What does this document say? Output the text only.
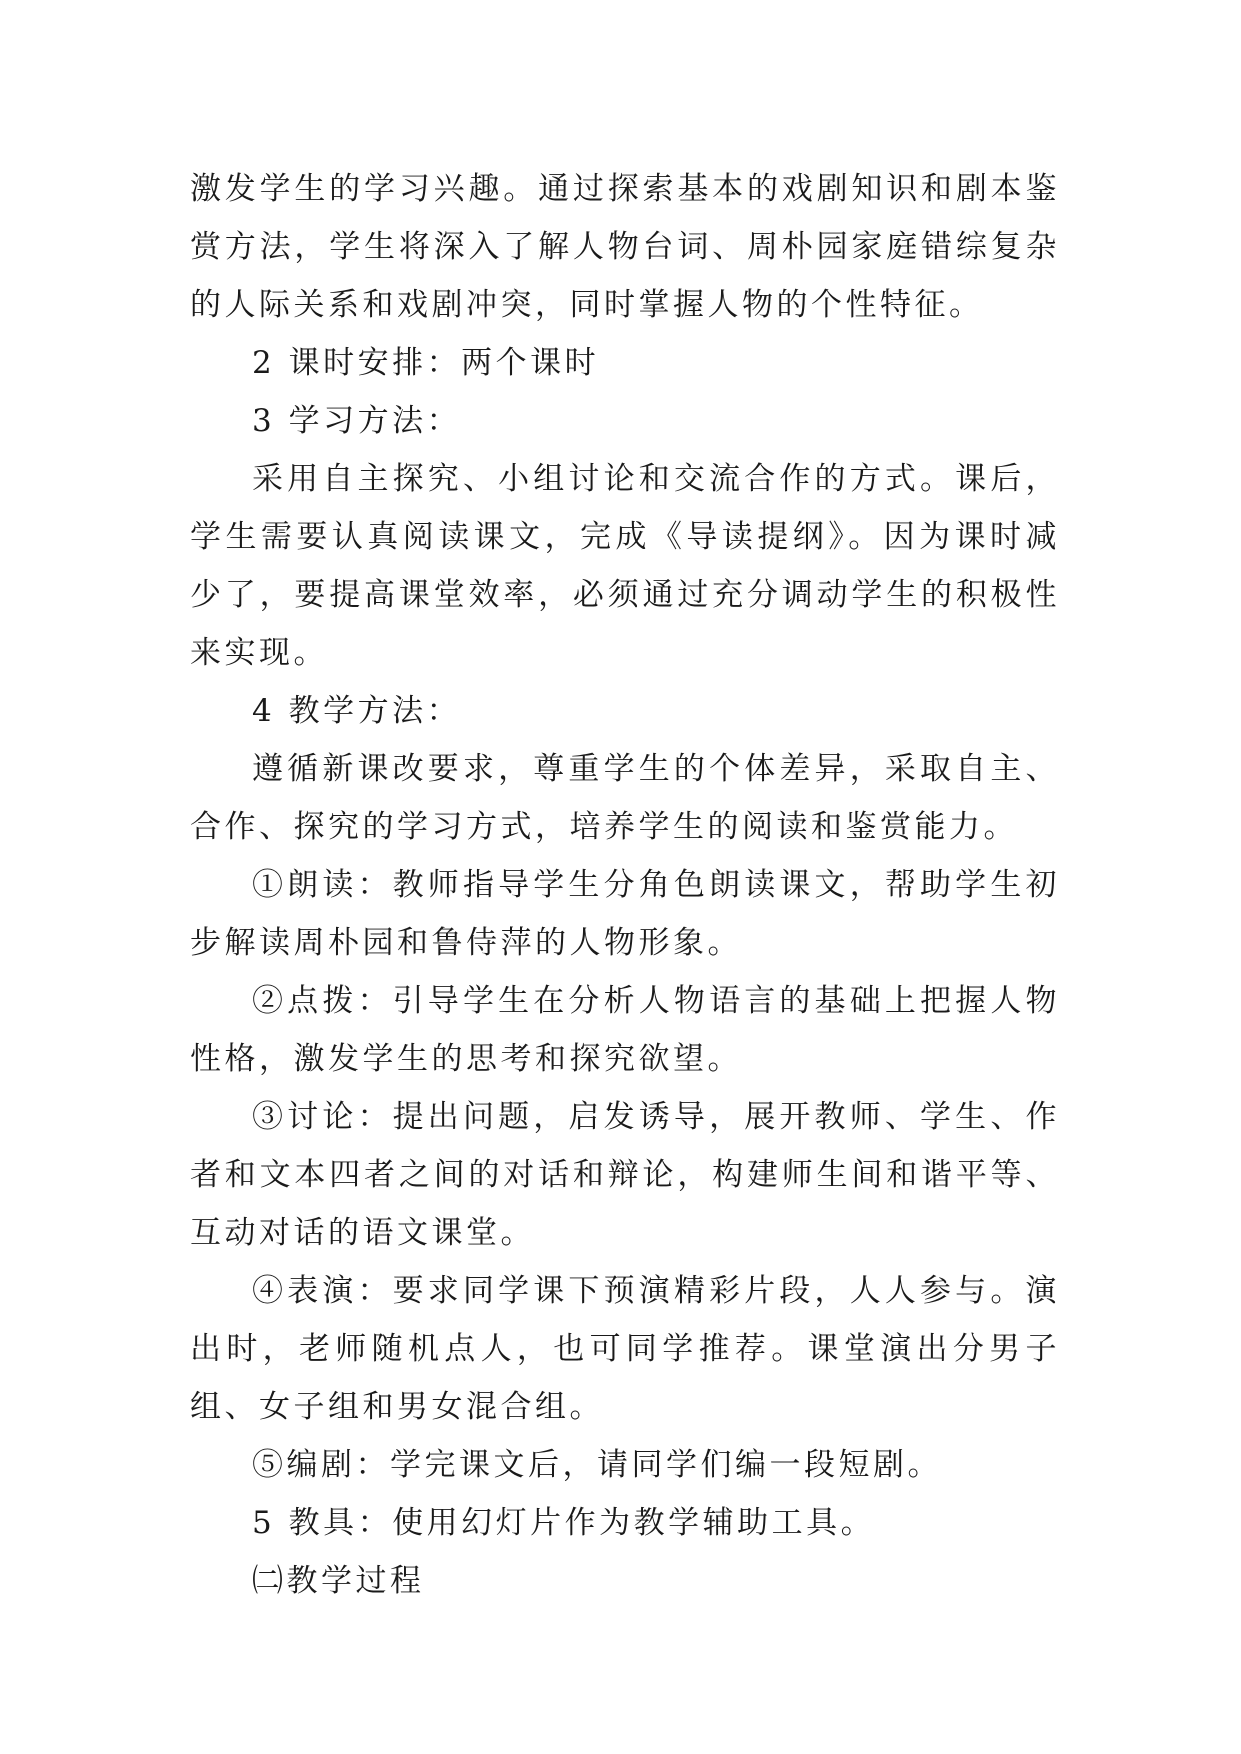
激发学生的学习兴趣。通过探索基本的戏剧知识和剧本鉴赏方法，学生将深入了解人物台词、周朴园家庭错综复杂的人际关系和戏剧冲突，同时掌握人物的个性特征。

2 课时安排：两个课时

3 学习方法：

采用自主探究、小组讨论和交流合作的方式。课后，学生需要认真阅读课文，完成《导读提纲》。因为课时减少了，要提高课堂效率，必须通过充分调动学生的积极性来实现。

4 教学方法：

遵循新课改要求，尊重学生的个体差异，采取自主、合作、探究的学习方式，培养学生的阅读和鉴赏能力。

①朗读：教师指导学生分角色朗读课文，帮助学生初步解读周朴园和鲁侍萍的人物形象。

②点拨：引导学生在分析人物语言的基础上把握人物性格，激发学生的思考和探究欲望。

③讨论：提出问题，启发诱导，展开教师、学生、作者和文本四者之间的对话和辩论，构建师生间和谐平等、互动对话的语文课堂。

④表演：要求同学课下预演精彩片段，人人参与。演出时，老师随机点人，也可同学推荐。课堂演出分男子组、女子组和男女混合组。

⑤编剧：学完课文后，请同学们编一段短剧。

5 教具：使用幻灯片作为教学辅助工具。

㈡教学过程
